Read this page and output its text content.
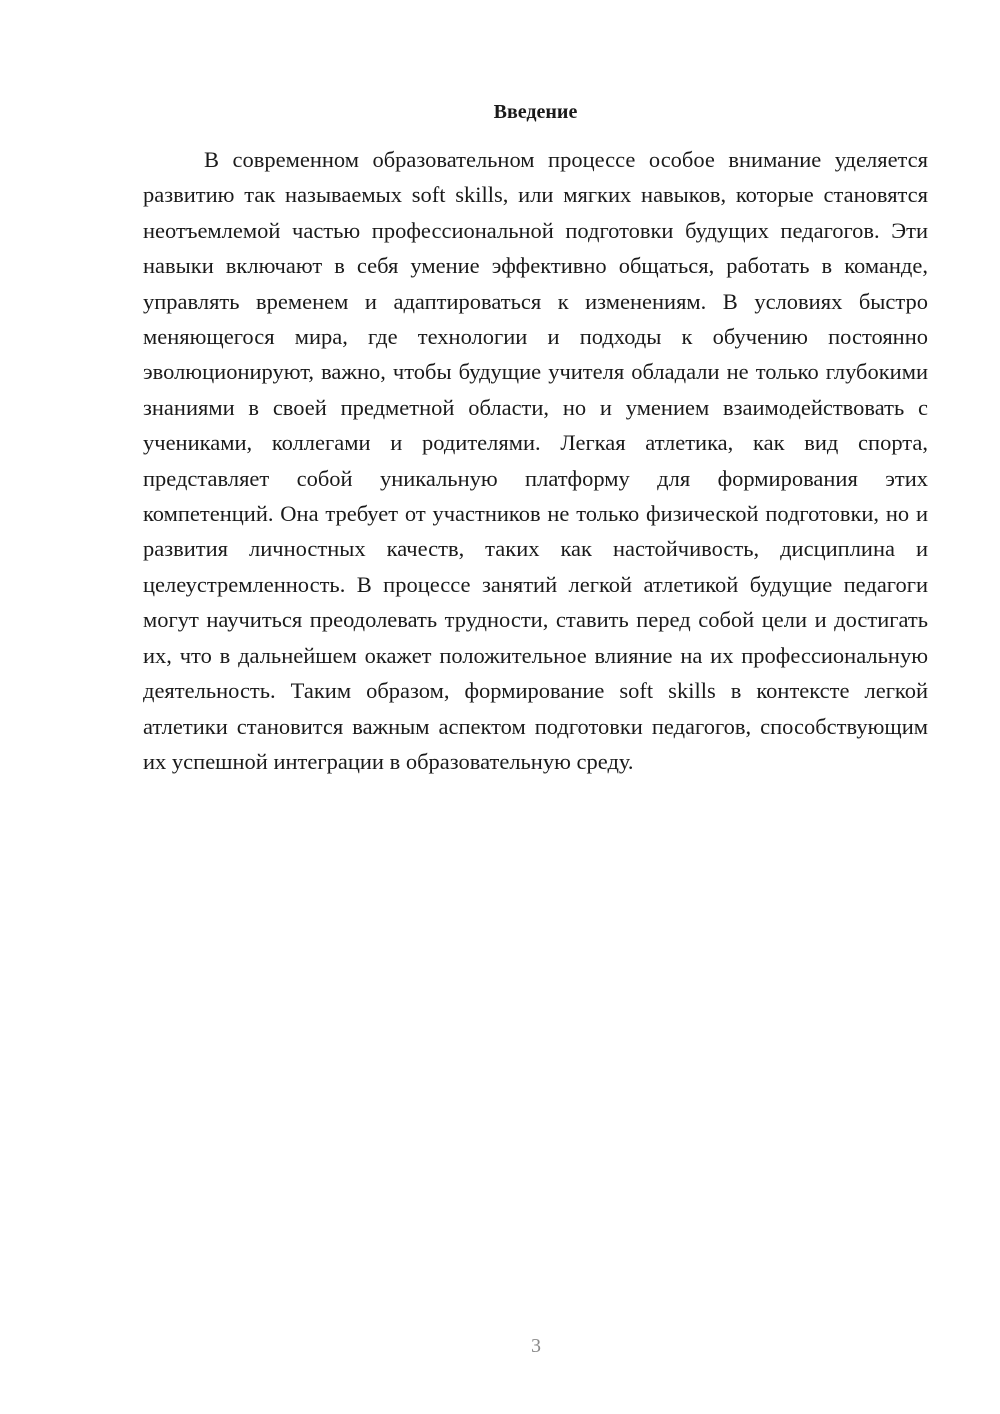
Введение

В современном образовательном процессе особое внимание уделяется развитию так называемых soft skills, или мягких навыков, которые становятся неотъемлемой частью профессиональной подготовки будущих педагогов. Эти навыки включают в себя умение эффективно общаться, работать в команде, управлять временем и адаптироваться к изменениям. В условиях быстро меняющегося мира, где технологии и подходы к обучению постоянно эволюционируют, важно, чтобы будущие учителя обладали не только глубокими знаниями в своей предметной области, но и умением взаимодействовать с учениками, коллегами и родителями. Легкая атлетика, как вид спорта, представляет собой уникальную платформу для формирования этих компетенций. Она требует от участников не только физической подготовки, но и развития личностных качеств, таких как настойчивость, дисциплина и целеустремленность. В процессе занятий легкой атлетикой будущие педагоги могут научиться преодолевать трудности, ставить перед собой цели и достигать их, что в дальнейшем окажет положительное влияние на их профессиональную деятельность. Таким образом, формирование soft skills в контексте легкой атлетики становится важным аспектом подготовки педагогов, способствующим их успешной интеграции в образовательную среду.

3
